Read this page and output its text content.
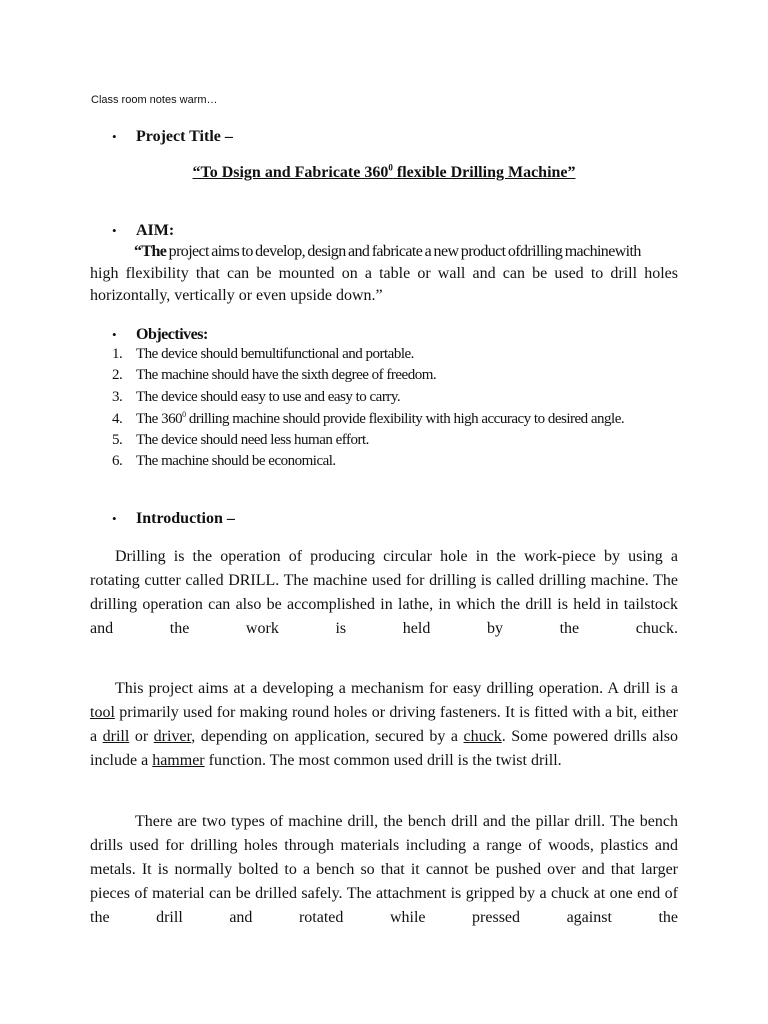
Class room notes warm…
•	Project Title –
“To Dsign and Fabricate $360^0$ flexible Drilling Machine”
•	AIM:
“The project aims to develop, design and fabricate a new product ofdrilling machinewith
high flexibility that can be mounted on a table or wall and can be used to drill holes horizontally, vertically or even upside down.”
•	Objectives:
1. The device should bemultifunctional and portable.
2. The machine should have the sixth degree of freedom.
3. The device should easy to use and easy to carry.
4. The $360^0$ drilling machine should provide flexibility with high accuracy to desired angle.
5. The device should need less human effort.
6. The machine should be economical.
•	Introduction –
Drilling is the operation of producing circular hole in the work-piece by using a rotating cutter called DRILL. The machine used for drilling is called drilling machine. The drilling operation can also be accomplished in lathe, in which the drill is held in tailstock and the work is held by the chuck.
This project aims at a developing a mechanism for easy drilling operation. A drill is a tool primarily used for making round holes or driving fasteners. It is fitted with a bit, either a drill or driver, depending on application, secured by a chuck. Some powered drills also include a hammer function. The most common used drill is the twist drill.
There are two types of machine drill, the bench drill and the pillar drill. The bench drills used for drilling holes through materials including a range of woods, plastics and metals. It is normally bolted to a bench so that it cannot be pushed over and that larger pieces of material can be drilled safely. The attachment is gripped by a chuck at one end of the drill and rotated while pressed against the
